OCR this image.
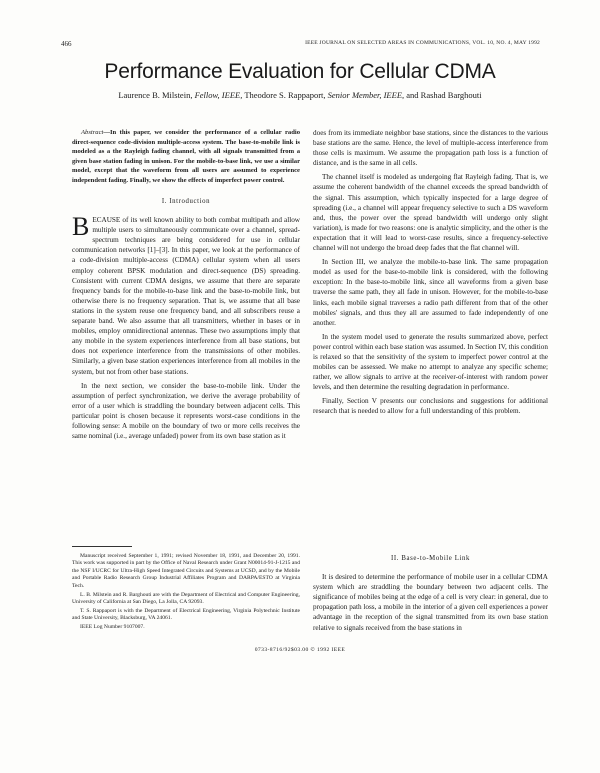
466	IEEE JOURNAL ON SELECTED AREAS IN COMMUNICATIONS, VOL. 10, NO. 4, MAY 1992
Performance Evaluation for Cellular CDMA
Laurence B. Milstein, Fellow, IEEE, Theodore S. Rappaport, Senior Member, IEEE, and Rashad Barghouti

Abstract—In this paper, we consider the performance of a cellular radio direct-sequence code-division multiple-access system. The base-to-mobile link is modeled as a the Rayleigh fading channel, with all signals transmitted from a given base station fading in unison. For the mobile-to-base link, we use a similar model, except that the waveform from all users are assumed to experience independent fading. Finally, we show the effects of imperfect power control.

I. Introduction

BECAUSE of its well known ability to both combat multipath and allow multiple users to simultaneously communicate over a channel, spread-spectrum techniques are being considered for use in cellular communication networks [1]–[3]. In this paper, we look at the performance of a code-division multiple-access (CDMA) cellular system when all users employ coherent BPSK modulation and direct-sequence (DS) spreading. Consistent with current CDMA designs, we assume that there are separate frequency bands for the mobile-to-base link and the base-to-mobile link, but otherwise there is no frequency separation. That is, we assume that all base stations in the system reuse one frequency band, and all subscribers reuse a separate band. We also assume that all transmitters, whether in bases or in mobiles, employ omnidirectional antennas. These two assumptions imply that any mobile in the system experiences interference from all base stations, but does not experience interference from the transmissions of other mobiles. Similarly, a given base station experiences interference from all mobiles in the system, but not from other base stations.

In the next section, we consider the base-to-mobile link. Under the assumption of perfect synchronization, we derive the average probability of error of a user which is straddling the boundary between adjacent cells. This particular point is chosen because it represents worst-case conditions in the following sense: A mobile on the boundary of two or more cells receives the same nominal (i.e., average unfaded) power from its own base station as it

Manuscript received September 1, 1991; revised November 18, 1991, and December 20, 1991. This work was supported in part by the Office of Naval Research under Grant N00014-91-J-1215 and the NSF I/UCRC for Ultra-High Speed Integrated Circuits and Systems at UCSD, and by the Mobile and Portable Radio Research Group Industrial Affiliates Program and DARPA/ESTO at Virginia Tech.

L. B. Milstein and R. Barghouti are with the Department of Electrical and Computer Engineering, University of California at San Diego, La Jolla, CA 92093.

T. S. Rappaport is with the Department of Electrical Engineering, Virginia Polytechnic Institute and State University, Blacksburg, VA 24061.

IEEE Log Number 9107007.

does from its immediate neighbor base stations, since the distances to the various base stations are the same. Hence, the level of multiple-access interference from those cells is maximum. We assume the propagation path loss is a function of distance, and is the same in all cells.

The channel itself is modeled as undergoing flat Rayleigh fading. That is, we assume the coherent bandwidth of the channel exceeds the spread bandwidth of the signal. This assumption, which typically inspected for a large degree of spreading (i.e., a channel will appear frequency selective to such a DS waveform and, thus, the power over the spread bandwidth will undergo only slight variation), is made for two reasons: one is analytic simplicity, and the other is the expectation that it will lead to worst-case results, since a frequency-selective channel will not undergo the broad deep fades that the flat channel will.

In Section III, we analyze the mobile-to-base link. The same propagation model as used for the base-to-mobile link is considered, with the following exception: In the base-to-mobile link, since all waveforms from a given base traverse the same path, they all fade in unison. However, for the mobile-to-base links, each mobile signal traverses a radio path different from that of the other mobiles' signals, and thus they all are assumed to fade independently of one another.

In the system model used to generate the results summarized above, perfect power control within each base station was assumed. In Section IV, this condition is relaxed so that the sensitivity of the system to imperfect power control at the mobiles can be assessed. We make no attempt to analyze any specific scheme; rather, we allow signals to arrive at the receiver-of-interest with random power levels, and then determine the resulting degradation in performance.

Finally, Section V presents our conclusions and suggestions for additional research that is needed to allow for a full understanding of this problem.

II. Base-to-Mobile Link

It is desired to determine the performance of mobile user in a cellular CDMA system which are straddling the boundary between two adjacent cells. The significance of mobiles being at the edge of a cell is very clear: in general, due to propagation path loss, a mobile in the interior of a given cell experiences a power advantage in the reception of the signal transmitted from its own base station relative to signals received from the base stations in

0733-8716/92$03.00 © 1992 IEEE
